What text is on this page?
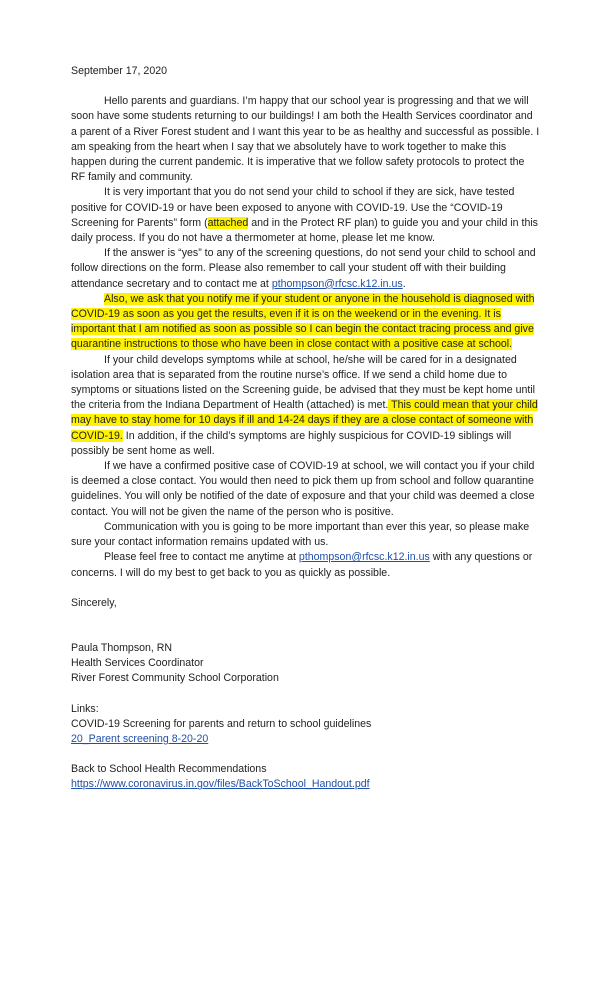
September 17, 2020

Hello parents and guardians. I’m happy that our school year is progressing and that we will soon have some students returning to our buildings! I am both the Health Services coordinator and a parent of a River Forest student and I want this year to be as healthy and successful as possible. I am speaking from the heart when I say that we absolutely have to work together to make this happen during the current pandemic. It is imperative that we follow safety protocols to protect the RF family and community.

It is very important that you do not send your child to school if they are sick, have tested positive for COVID-19 or have been exposed to anyone with COVID-19. Use the “COVID-19 Screening for Parents” form (attached and in the Protect RF plan) to guide you and your child in this daily process. If you do not have a thermometer at home, please let me know.

If the answer is “yes” to any of the screening questions, do not send your child to school and follow directions on the form. Please also remember to call your student off with their building attendance secretary and to contact me at pthompson@rfcsc.k12.in.us.

Also, we ask that you notify me if your student or anyone in the household is diagnosed with COVID-19 as soon as you get the results, even if it is on the weekend or in the evening. It is important that I am notified as soon as possible so I can begin the contact tracing process and give quarantine instructions to those who have been in close contact with a positive case at school.

If your child develops symptoms while at school, he/she will be cared for in a designated isolation area that is separated from the routine nurse’s office. If we send a child home due to symptoms or situations listed on the Screening guide, be advised that they must be kept home until the criteria from the Indiana Department of Health (attached) is met. This could mean that your child may have to stay home for 10 days if ill and 14-24 days if they are a close contact of someone with COVID-19. In addition, if the child’s symptoms are highly suspicious for COVID-19 siblings will possibly be sent home as well.

If we have a confirmed positive case of COVID-19 at school, we will contact you if your child is deemed a close contact. You would then need to pick them up from school and follow quarantine guidelines. You will only be notified of the date of exposure and that your child was deemed a close contact. You will not be given the name of the person who is positive.

Communication with you is going to be more important than ever this year, so please make sure your contact information remains updated with us.

Please feel free to contact me anytime at pthompson@rfcsc.k12.in.us with any questions or concerns. I will do my best to get back to you as quickly as possible.

Sincerely,
Paula Thompson, RN
Health Services Coordinator
River Forest Community School Corporation
Links:
COVID-19 Screening for parents and return to school guidelines
20_Parent screening 8-20-20
Back to School Health Recommendations
https://www.coronavirus.in.gov/files/BackToSchool_Handout.pdf
